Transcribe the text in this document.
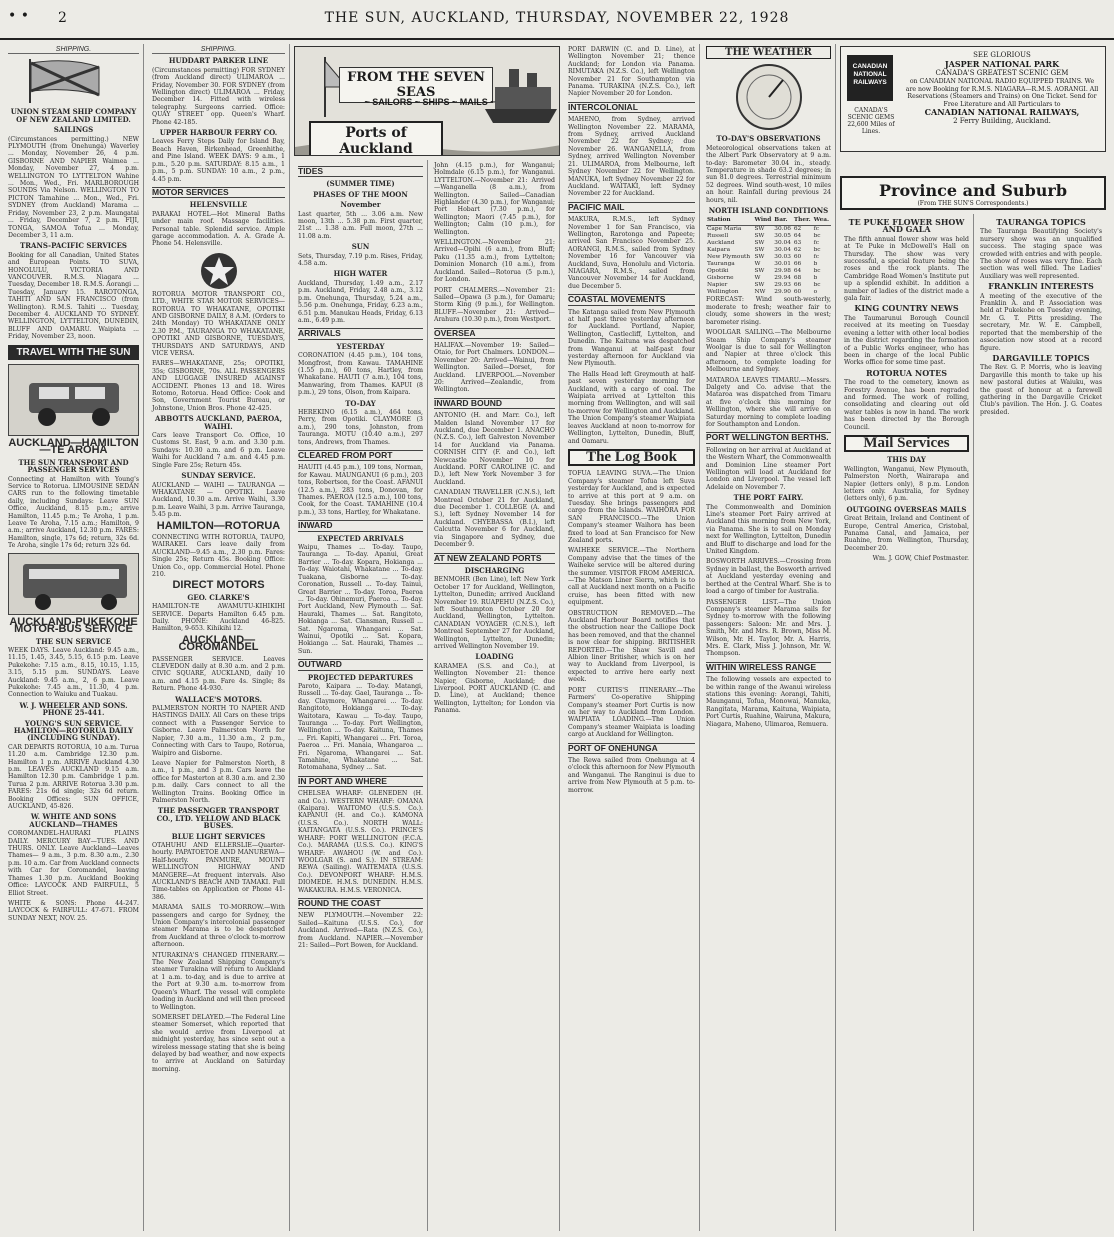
• • 2	THE SUN, AUCKLAND, THURSDAY, NOVEMBER 22, 1928
SHIPPING.
UNION STEAM SHIP COMPANY OF NEW ZEALAND LIMITED.
SAILINGS

(Circumstances permitting.) NEW PLYMOUTH (from Onehunga) Waverley ... Monday, November 26, 4 p.m. GISBORNE AND NAPIER Waimea ... Monday, November 27, 4 p.m. WELLINGTON TO LYTTELTON Wahine ... Mon., Wed., Fri. MARLBOROUGH SOUNDS Via Nelson. WELLINGTON TO PICTON Tamahine ... Mon., Wed., Fri. SYDNEY (from Auckland) Marama ... Friday, November 23, 2 p.m. Maungatai ... Friday, December 7, 2 p.m. FIJI, TONGA, SAMOA Tofua ... Monday, December 3, 11 a.m.

TRANS-PACIFIC SERVICES

Booking for all Canadian, United States and European Points. TO SUVA, HONOLULU, VICTORIA AND VANCOUVER. R.M.S. Niagara ... Tuesday, December 18. R.M.S. Aorangi ... Tuesday, January 15. RAROTONGA, TAHITI AND SAN FRANCISCO (from Wellington). R.M.S. Tahiti ... Tuesday, December 4. AUCKLAND TO SYDNEY. WELLINGTON, LYTTELTON, DUNEDIN, BLUFF AND OAMARU. Waipiata ... Friday, November 23, noon.

TRAVEL WITH THE SUN
AUCKLAND—HAMILTON—TE AROHA
THE SUN TRANSPORT AND PASSENGER SERVICES

Connecting at Hamilton with Young's Service to Rotorua. LIMOUSINE SEDAN CARS run to the following timetable daily, including Sundays: Leave SUN Office, Auckland, 8.15 p.m.; arrive Hamilton, 11.45 p.m.; Te Aroha, 1 p.m. Leave Te Aroha, 7.15 a.m.; Hamilton, 9 a.m.; arrive Auckland, 12.30 p.m. FARES: Hamilton, single, 17s 6d; return, 32s 6d. Te Aroha, single 17s 6d; return 32s 6d.

AUCKLAND-PUKEKOHE MOTOR-BUS SERVICE
THE SUN SERVICE

WEEK DAYS. Leave Auckland: 9.45 a.m., 11.15, 1.45, 3.45, 5.15, 6.15 p.m. Leave Pukekohe: 7.15 a.m., 8.15, 10.15, 1.15, 3.15, 5.15 p.m. SUNDAYS. Leave Auckland: 9.45 a.m., 2, 6 p.m. Leave Pukekohe: 7.45 a.m., 11.30, 4 p.m. Connection to Waiuku and Tuakau.

W. J. WHEELER AND SONS. PHONE 25-441.
YOUNG'S SUN SERVICE. HAMILTON—ROTORUA DAILY (INCLUDING SUNDAY).

CAR DEPARTS ROTORUA, 10 a.m. Turua 11.20 a.m. Cambridge 12.30 p.m. Hamilton 1 p.m. ARRIVE Auckland 4.30 p.m. LEAVES AUCKLAND 9.15 a.m. Hamilton 12.30 p.m. Cambridge 1 p.m. Turua 2 p.m. ARRIVE Rotorua 3.30 p.m. FARES: 21s 6d single; 32s 6d return. Booking Offices: SUN OFFICE, AUCKLAND, 45-826.

W. WHITE AND SONS AUCKLAND—THAMES

COROMANDEL-HAURAKI PLAINS DAILY. MERCURY BAY—TUES. AND THURS. ONLY. Leave Auckland—Leaves Thames— 9 a.m., 3 p.m. 8.30 a.m., 2.30 p.m. 10 a.m. Car from Auckland connects with Car for Coromandel, leaving Thames 1.30 p.m. Auckland Booking Office: LAYCOCK AND FAIRFULL, 5 Elliot Street.

WHITE & SONS: Phone 44-247. LAYCOCK & FAIRFULL: 47-671. FROM SUNDAY NEXT, NOV. 25.

SHIPPING.
HUDDART PARKER LINE

(Circumstances permitting) FOR SYDNEY (from Auckland direct) ULIMAROA ... Friday, November 30. FOR SYDNEY (from Wellington direct) ULIMAROA ... Friday, December 14. Fitted with wireless telegraphy. Surgeons carried. Office: QUAY STREET opp. Queen's Wharf. Phone 42-185.

UPPER HARBOUR FERRY CO.

Leaves Ferry Steps Daily for Island Bay, Beach Haven, Birkenhead, Greenhithe, and Pine Island. WEEK DAYS: 9 a.m., 1 p.m., 5.20 p.m. SATURDAY: 8.15 a.m., 1 p.m., 5 p.m. SUNDAY: 10 a.m., 2 p.m., 4.45 p.m.

MOTOR SERVICES
HELENSVILLE

PARAKAI HOTEL—Hot Mineral Baths under main roof. Massage facilities. Personal table. Splendid service. Ample garage accommodation. A. A. Grade A. Phone 54. Helensville.

ROTORUA MOTOR TRANSPORT CO., LTD., WHITE STAR MOTOR SERVICES—ROTORUA TO WHAKATANE, OPOTIKI AND GISBORNE DAILY, 8 A.M. (Orders to 24th Monday) TO WHAKATANE ONLY 2.30 P.M., TAURANGA TO WHAKATANE, OPOTIKI AND GISBORNE, TUESDAYS, THURSDAYS AND SATURDAYS, AND VICE VERSA.

FARES—WHAKATANE, 25s; OPOTIKI, 35s; GISBORNE, 70s. ALL PASSENGERS AND LUGGAGE INSURED AGAINST ACCIDENT. Phones 13 and 18. Wires Rotomo, Rotorua. Head Office: Cook and Son, Government Tourist Bureau, or Johnstone, Union Bros. Phone 42-425.

ABBOTTS AUCKLAND, PAEROA, WAIHI.

Cars leave Transport Co. Office, 10 Customs St. East, 9 a.m. and 3.30 p.m. Sundays: 10.30 a.m. and 6 p.m. Leave Waihi for Auckland 7 a.m. and 4.45 p.m. Single Fare 25s; Return 45s.

SUNDAY SERVICE.

AUCKLAND — WAIHI — TAURANGA — WHAKATANE — OPOTIKI. Leave Auckland, 10.30 a.m. Arrive Waihi, 3.30 p.m. Leave Waihi, 3 p.m. Arrive Tauranga, 5.45 p.m.

HAMILTON—ROTORUA

CONNECTING WITH ROTORUA, TAUPO, WAIRAKEI. Cars leave daily from AUCKLAND—9.45 a.m., 2.30 p.m. Fares: Single 25s; Return 45s. Booking Office: Union Co., opp. Commercial Hotel. Phone 210.

DIRECT MOTORS
GEO. CLARKE'S

HAMILTON-TE AWAMUTU-KIHIKIHI SERVICE. Departs Hamilton 6.45 p.m. Daily. PHONE: Auckland 46-825. Hamilton, 9-653. Kihikihi 12.

AUCKLAND—COROMANDEL

PASSENGER SERVICE. Leaves CLEVEDON daily at 8.30 a.m. and 2 p.m. CIVIC SQUARE, AUCKLAND, daily 10 a.m. and 4.15 p.m. Fare 4s. Single; 8s Return. Phone 44-930.

WALLACE'S MOTORS.

PALMERSTON NORTH TO NAPIER AND HASTINGS DAILY. All Cars on these trips connect with a Passenger Service to Gisborne. Leave Palmerston North for Napier, 7.30 a.m., 11.30 a.m., 2 p.m., Connecting with Cars to Taupo, Rotorua, Waipiro and Gisborne.

Leave Napier for Palmerston North, 8 a.m., 1 p.m., and 3 p.m. Cars leave the office for Masterton at 8.30 a.m. and 2.30 p.m. daily. Cars connect to all the Wellington Trains. Booking Office in Palmerston North.

THE PASSENGER TRANSPORT CO., LTD. YELLOW AND BLACK BUSES.
BLUE LIGHT SERVICES

OTAHUHU AND ELLERSLIE—Quarter-hourly. PAPATOETOE AND MANUREWA—Half-hourly. PANMURE, MOUNT WELLINGTON HIGHWAY AND MANGERE—At frequent intervals. Also AUCKLAND'S BEACH AND TAMAKI. Full Time-tables on Application or Phone 41-386.

MARAMA SAILS TO-MORROW.—With passengers and cargo for Sydney, the Union Company's intercolonial passenger steamer Marama is to be despatched from Auckland at three o'clock to-morrow afternoon.

NTURAKINA'S CHANGED ITINERARY.—The New Zealand Shipping Company's steamer Turakina will return to Auckland at 1 a.m. to-day, and is due to arrive at the Port at 9.30 a.m. to-morrow from Queen's Wharf. The vessel will complete loading in Auckland and will then proceed to Wellington.

SOMERSET DELAYED.—The Federal Line steamer Somerset, which reported that she would arrive from Liverpool at midnight yesterday, has since sent out a wireless message stating that she is being delayed by bad weather, and now expects to arrive at Auckland on Saturday morning.

FROM THE SEVEN SEAS
~ SAILORS ~ SHIPS ~ MAILS ~
Ports of Auckland
TIDES
(SUMMER TIME)
PHASES OF THE MOON
November

Last quarter, 5th ... 3.06 a.m. New moon, 13th ... 5.38 p.m. First quarter, 21st ... 1.38 a.m. Full moon, 27th ... 11.08 a.m.

SUN

Sets, Thursday, 7.19 p.m. Rises, Friday, 4.58 a.m.

HIGH WATER

Auckland, Thursday, 1.49 a.m., 2.17 p.m. Auckland, Friday, 2.48 a.m., 3.12 p.m. Onehunga, Thursday, 5.24 a.m., 5.56 p.m. Onehunga, Friday, 6.23 a.m., 6.51 p.m. Manukau Heads, Friday, 6.13 a.m., 6.49 p.m.

ARRIVALS
YESTERDAY

CORONATION (4.45 p.m.), 104 tons, Mongfrost, from Kawau. TAMAHINE (1.55 p.m.), 60 tons, Hartley, from Whakatane. HAUTI (7 a.m.), 104 tons, Manwaring, from Thames. KAPUI (8 p.m.), 29 tons, Olson, from Kaipara.

TO-DAY

HEREKINO (6.15 a.m.), 464 tons, Perry, from Opotiki. CLAYMORE (3 a.m.), 290 tons, Johnston, from Tauranga. MOTU (10.40 a.m.), 297 tons, Andrews, from Thames.

CLEARED FROM PORT

HAUITI (4.45 p.m.), 109 tons, Norman, for Kawau. MAUNGANUI (6 p.m.), 203 tons, Robertson, for the Coast. AFANUI (12.5 a.m.), 283 tons, Donovan, for Thames. PAEROA (12.5 a.m.), 100 tons, Cook, for the Coast. TAMAHINE (10.4 p.m.), 33 tons, Hartley, for Whakatane.

INWARD
EXPECTED ARRIVALS

Waipu, Thames ... To-day. Taupo, Tauranga ... To-day. Apanui, Great Barrier ... To-day. Kopara, Hokianga ... To-day. Waiotahi, Whakatane ... To-day. Tuakana, Gisborne ... To-day. Coronation, Russell ... To-day. Tainui, Great Barrier ... To-day. Toroa, Paeroa ... To-day. Ohinemuri, Paeroa ... To-day. Port Auckland, New Plymouth ... Sat. Hauraki, Thames ... Sat. Rangitoto, Hokianga ... Sat. Clansman, Russell ... Sat. Ngaroma, Whangarei ... Sat. Wainui, Opotiki ... Sat. Kopara, Hokianga ... Sat. Hauraki, Thames ... Sun.

OUTWARD
PROJECTED DEPARTURES

Paroto, Kaipara ... To-day. Matangi, Russell ... To-day. Gael, Tauranga ... To-day. Claymore, Whangarei ... To-day. Rangitoto, Hokianga ... To-day. Waitotara, Kawau ... To-day. Taupo, Tauranga ... To-day. Port Wellington, Wellington ... To-day. Kaituna, Thames ... Fri. Kapiti, Whangarei ... Fri. Toroa, Paeroa ... Fri. Manaia, Whangaroa ... Fri. Ngaroma, Whangarei ... Sat. Tamahine, Whakatane ... Sat. Rotomahana, Sydney ... Sat.

IN PORT AND WHERE

CHELSEA WHARF: GLENEDEN (H. and Co.). WESTERN WHARF: OMANA (Kaipara). WAITOMO (U.S.S. Co.). KAPANUI (H. and Co.). KAMONA (U.S.S. Co.). NORTH WALL: KAITANGATA (U.S.S. Co.). PRINCE'S WHARF: PORT WELLINGTON (F.C.A. Co.). MARAMA (U.S.S. Co.). KING'S WHARF: AWAHOU (W. and Co.). WOOLGAR (S. and S.). IN STREAM: REWA (Sailing). WAITEMATA (U.S.S. Co.). DEVONPORT WHARF: H.M.S. DIOMEDE. H.M.S. DUNEDIN. H.M.S. WAKAKURA. H.M.S. VERONICA.

ROUND THE COAST

NEW PLYMOUTH.—November 22: Sailed—Kaituna (U.S.S. Co.), for Auckland. Arrived—Rata (N.Z.S. Co.), from Auckland. NAPIER.—November 21: Sailed—Port Bowen, for Auckland.

John (4.15 p.m.), for Wanganui; Holmdale (6.15 p.m.), for Wanganui. LYTTELTON.—November 21: Arrived—Wanganella (8 a.m.), from Wellington. Sailed—Canadian Highlander (4.30 p.m.), for Wanganui; Port Hobart (7.30 p.m.), for Wellington; Maori (7.45 p.m.), for Wellington; Calm (10 p.m.), for Wellington.

WELLINGTON.—November 21: Arrived—Opihi (6 a.m.), from Bluff; Paku (11.35 a.m.), from Lyttelton; Dominion Monarch (10 a.m.), from Auckland. Sailed—Rotorua (5 p.m.), for London.

PORT CHALMERS.—November 21: Sailed—Opawa (3 p.m.), for Oamaru; Storm King (9 p.m.), for Wellington. BLUFF.—November 21: Arrived—Arahura (10.30 p.m.), from Westport.

OVERSEA

HALIFAX.—November 19: Sailed—Otaio, for Port Chalmers. LONDON.—November 20: Arrived—Wainui, from Wellington. Sailed—Dorset, for Auckland. LIVERPOOL.—November 20: Arrived—Zealandic, from Wellington.

INWARD BOUND

ANTONIO (H. and Marr. Co.), left Malden Island November 17 for Auckland, due December 1. ANACHO (N.Z.S. Co.), left Galveston November 14 for Auckland via Panama. CORNISH CITY (F. and Co.), left Newcastle November 10 for Auckland. PORT CAROLINE (C. and D.), left New York November 3 for Auckland.

CANADIAN TRAVELLER (C.N.S.), left Montreal October 21 for Auckland, due December 1. COLLEGE (A. and S.), left Sydney November 14 for Auckland. CHYEBASSA (B.I.), left Calcutta November 6 for Auckland, via Singapore and Sydney, due December 9.

AT NEW ZEALAND PORTS
DISCHARGING

BENMOHR (Ben Line), left New York October 17 for Auckland, Wellington, Lyttelton, Dunedin; arrived Auckland November 19. RUAPEHU (N.Z.S. Co.), left Southampton October 20 for Auckland, Wellington, Lyttelton. CANADIAN VOYAGER (C.N.S.), left Montreal September 27 for Auckland, Wellington, Lyttelton, Dunedin; arrived Wellington November 19.

LOADING

KARAMEA (S.S. and Co.), at Wellington November 21: thence Napier, Gisborne, Auckland; due Liverpool. PORT AUCKLAND (C. and D. Line), at Auckland; thence Wellington, Lyttelton; for London via Panama.

PORT DARWIN (C. and D. Line), at Wellington November 21; thence Auckland; for London via Panama. RIMUTAKA (N.Z.S. Co.), left Wellington November 21 for Southampton via Panama. TURAKINA (N.Z.S. Co.), left Napier November 20 for London.

INTERCOLONIAL

MAHENO, from Sydney, arrived Wellington November 22. MARAMA, from Sydney, arrived Auckland November 22 for Sydney; due November 26. WANGANELLA, from Sydney, arrived Wellington November 21. ULIMAROA, from Melbourne, left Sydney November 22 for Wellington. MANUKA, left Sydney November 22 for Auckland. WAITAKI, left Sydney November 22 for Auckland.

PACIFIC MAIL

MAKURA, R.M.S., left Sydney November 1 for San Francisco, via Wellington, Rarotonga and Papeete; arrived San Francisco November 25. AORANGI, R.M.S., sailed from Sydney November 16 for Vancouver via Auckland, Suva, Honolulu and Victoria. NIAGARA, R.M.S., sailed from Vancouver November 14 for Auckland, due December 5.

COASTAL MOVEMENTS

The Katanga sailed from New Plymouth at half past three yesterday afternoon for Auckland. Portland, Napier, Wellington, Castlecliff, Lyttelton, and Dunedin. The Kaituna was despatched from Wanganui at half-past four yesterday afternoon for Auckland via New Plymouth.

The Halls Head left Greymouth at half-past seven yesterday morning for Auckland, with a cargo of coal. The Waipiata arrived at Lyttelton this morning from Wellington, and will sail to-morrow for Wellington and Auckland. The Union Company's steamer Waipiata leaves Auckland at noon to-morrow for Wellington, Lyttelton, Dunedin, Bluff, and Oamaru.

The Log Book

TOFUA LEAVING SUVA.—The Union Company's steamer Tofua left Suva yesterday for Auckland, and is expected to arrive at this port at 9 a.m. on Tuesday. She brings passengers and cargo from the Islands. WAIHORA FOR SAN FRANCISCO.—The Union Company's steamer Waihora has been fixed to load at San Francisco for New Zealand ports.

WAIHEKE SERVICE.—The Northern Company advise that the times of the Waiheke service will be altered during the summer. VISITOR FROM AMERICA.—The Matson Liner Sierra, which is to call at Auckland next month on a Pacific cruise, has been fitted with new equipment.

OBSTRUCTION REMOVED.—The Auckland Harbour Board notifies that the obstruction near the Calliope Dock has been removed, and that the channel is now clear for shipping. BRITISHER REPORTED.—The Shaw Savill and Albion liner Britisher, which is on her way to Auckland from Liverpool, is expected to arrive here early next week.

PORT CURTIS'S ITINERARY.—The Farmers' Co-operative Shipping Company's steamer Port Curtis is now on her way to Auckland from London. WAIPIATA LOADING.—The Union Company's steamer Waipiata is loading cargo at Auckland for Wellington.

PORT OF ONEHUNGA

The Rewa sailed from Onehunga at 4 o'clock this afternoon for New Plymouth and Wanganui. The Ranginui is due to arrive from New Plymouth at 5 p.m. to-morrow.

THE WEATHER
TO-DAY'S OBSERVATIONS

Meteorological observations taken at the Albert Park Observatory at 9 a.m. to-day: Barometer 30.04 in., steady. Temperature in shade 63.2 degrees; in sun 81.0 degrees. Terrestrial minimum 52 degrees. Wind south-west, 10 miles an hour. Rainfall during previous 24 hours, nil.

NORTH ISLAND CONDITIONS
Station	Wind	Bar.	Ther.	Wea.
Cape Maria	SW	30.06	62	fc
Russell	SW	30.05	64	bc
Auckland	SW	30.04	63	fc
Kaipara	SW	30.04	62	bc
New Plymouth	SW	30.03	60	fc
Tauranga	W	30.01	66	b
Opotiki	SW	29.98	64	bc
Gisborne	W	29.94	68	b
Napier	SW	29.93	66	bc
Wellington	NW	29.90	60	o

FORECAST: Wind south-westerly, moderate to fresh; weather fair to cloudy, some showers in the west; barometer rising.

WOOLGAR SAILING.—The Melbourne Steam Ship Company's steamer Woolgar is due to sail for Wellington and Napier at three o'clock this afternoon, to complete loading for Melbourne and Sydney.

MATAROA LEAVES TIMARU.—Messrs. Dalgety and Co. advise that the Mataroa was dispatched from Timaru at five o'clock this morning for Wellington, where she will arrive on Saturday morning to complete loading for Southampton and London.

PORT WELLINGTON BERTHS.

Following on her arrival at Auckland at the Western Wharf, the Commonwealth and Dominion Line steamer Port Wellington will load at Auckland for London and Liverpool. The vessel left Adelaide on November 7.

THE PORT FAIRY.

The Commonwealth and Dominion Line's steamer Port Fairy arrived at Auckland this morning from New York, via Panama. She is to sail on Monday next for Wellington, Lyttelton, Dunedin and Bluff to discharge and load for the United Kingdom.

BOSWORTH ARRIVES.—Crossing from Sydney in ballast, the Bosworth arrived at Auckland yesterday evening and berthed at the Central Wharf. She is to load a cargo of timber for Australia.

PASSENGER LIST.—The Union Company's steamer Marama sails for Sydney to-morrow with the following passengers: Saloon: Mr. and Mrs. J. Smith, Mr. and Mrs. R. Brown, Miss M. Wilson, Mr. H. Taylor, Mr. A. Harris, Mrs. E. Clark, Miss J. Johnson, Mr. W. Thompson.

WITHIN WIRELESS RANGE

The following vessels are expected to be within range of the Awanui wireless stations this evening: Aorangi, Tahiti, Maunganui, Tofua, Monowai, Manuka, Rangitata, Marama, Kaituna, Waipiata, Port Curtis, Ruahine, Wairuna, Makura, Niagara, Maheno, Ulimaroa, Remuera.

CANADIAN NATIONAL RAILWAYS
CANADA'S SCENIC GEMS 22,600 Miles of Lines.
SEE GLORIOUS
JASPER NATIONAL PARK
CANADA'S GREATEST SCENIC GEM
on CANADIAN NATIONAL RADIO EQUIPPED TRAINS. We are now Booking for R.M.S. NIAGARA—R.M.S. AORANGI. All Reservations (Steamers and Trains) on One Ticket. Send for Free Literature and All Particulars to
CANADIAN NATIONAL RAILWAYS,
2 Ferry Building, Auckland.
Province and Suburb
(From THE SUN'S Correspondents.)
TE PUKE FLOWER SHOW AND GALA

The fifth annual flower show was held at Te Puke in McDowell's Hall on Thursday. The show was very successful, a special feature being the roses and the rock plants. The Cambridge Road Women's Institute put up a splendid exhibit. In addition a number of ladies of the district made a gala fair.

KING COUNTRY NEWS

The Taumarunui Borough Council received at its meeting on Tuesday evening a letter with other local bodies in the district regarding the formation of a Public Works engineer, who has been in charge of the local Public Works office for some time past.

ROTORUA NOTES

The road to the cemetery, known as Forestry Avenue, has been regraded and formed. The work of rolling, consolidating and clearing out old water tables is now in hand. The work has been directed by the Borough Council.

Mail Services
THIS DAY

Wellington, Wanganui, New Plymouth, Palmerston North, Wairarapa and Napier (letters only), 8 p.m. London letters only. Australia, for Sydney (letters only), 6 p.m.

OUTGOING OVERSEAS MAILS

Great Britain, Ireland and Continent of Europe, Central America, Cristobal, Panama Canal, and Jamaica, per Ruahine, from Wellington, Thursday, December 20.

Wm. J. GOW, Chief Postmaster.

TAURANGA TOPICS

The Tauranga Beautifying Society's nursery show was an unqualified success. The staging space was crowded with entries and with people. The show of roses was very fine. Each section was well filled. The Ladies' Auxiliary was well represented.

FRANKLIN INTERESTS

A meeting of the executive of the Franklin A. and P. Association was held at Pukekohe on Tuesday evening, Mr. G. T. Pitts presiding. The secretary, Mr. W. E. Campbell, reported that the membership of the association now stood at a record figure.

DARGAVILLE TOPICS

The Rev. G. P. Morris, who is leaving Dargaville this month to take up his new pastoral duties at Waiuku, was the guest of honour at a farewell gathering in the Dargaville Cricket Club's pavilion. The Hon. J. G. Coates presided.
